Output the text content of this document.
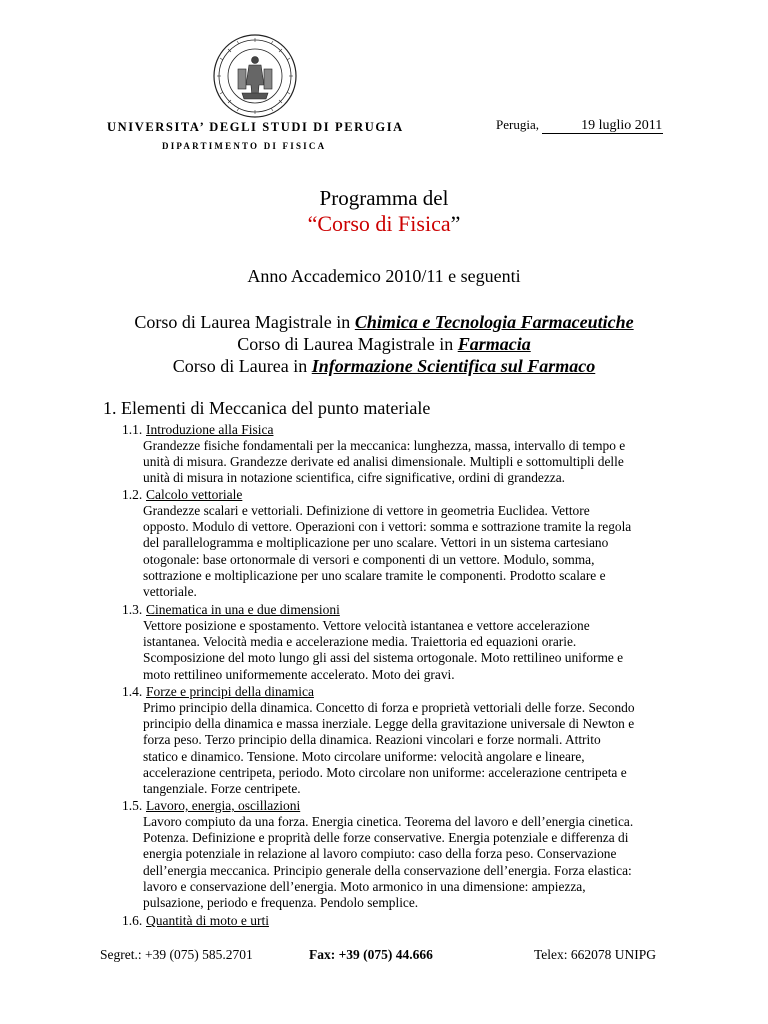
UNIVERSITA’ DEGLI STUDI DI PERUGIA
DIPARTIMENTO DI FISICA
Perugia,	19 luglio 2011
Programma del
“Corso di Fisica”
Anno Accademico 2010/11 e seguenti
Corso di Laurea Magistrale in Chimica e Tecnologia Farmaceutiche
Corso di Laurea Magistrale in Farmacia
Corso di Laurea in Informazione Scientifica sul Farmaco
1. Elementi di Meccanica del punto materiale
1.1. Introduzione alla Fisica
Grandezze fisiche fondamentali per la meccanica: lunghezza, massa, intervallo di tempo e
unità di misura. Grandezze derivate ed analisi dimensionale. Multipli e sottomultipli delle
unità di misura in notazione scientifica, cifre significative, ordini di grandezza.
1.2. Calcolo vettoriale
Grandezze scalari e vettoriali. Definizione di vettore in geometria Euclidea. Vettore
opposto. Modulo di vettore. Operazioni con i vettori: somma e sottrazione tramite la regola
del parallelogramma e moltiplicazione per uno scalare. Vettori in un sistema cartesiano
otogonale: base ortonormale di versori e componenti di un vettore. Modulo, somma,
sottrazione e moltiplicazione per uno scalare tramite le componenti. Prodotto scalare e
vettoriale.
1.3. Cinematica in una e due dimensioni
Vettore posizione e spostamento. Vettore velocità istantanea e vettore accelerazione
istantanea. Velocità media e accelerazione media. Traiettoria ed equazioni orarie.
Scomposizione del moto lungo gli assi del sistema ortogonale. Moto rettilineo uniforme e
moto rettilineo uniformemente accelerato. Moto dei gravi.
1.4. Forze e principi della dinamica
Primo principio della dinamica. Concetto di forza e proprietà vettoriali delle forze. Secondo
principio della dinamica e massa inerziale. Legge della gravitazione universale di Newton e
forza peso. Terzo principio della dinamica. Reazioni vincolari e forze normali. Attrito
statico e dinamico. Tensione. Moto circolare uniforme: velocità angolare e lineare,
accelerazione centripeta, periodo. Moto circolare non uniforme: accelerazione centripeta e
tangenziale. Forze centripete.
1.5. Lavoro, energia, oscillazioni
Lavoro compiuto da una forza. Energia cinetica. Teorema del lavoro e dell’energia cinetica.
Potenza. Definizione e proprità delle forze conservative. Energia potenziale e differenza di
energia potenziale in relazione al lavoro compiuto: caso della forza peso. Conservazione
dell’energia meccanica. Principio generale della conservazione dell’energia. Forza elastica:
lavoro e conservazione dell’energia. Moto armonico in una dimensione: ampiezza,
pulsazione, periodo e frequenza. Pendolo semplice.
1.6. Quantità di moto e urti
Segret.: +39 (075) 585.2701	Fax: +39 (075) 44.666	Telex: 662078 UNIPG
